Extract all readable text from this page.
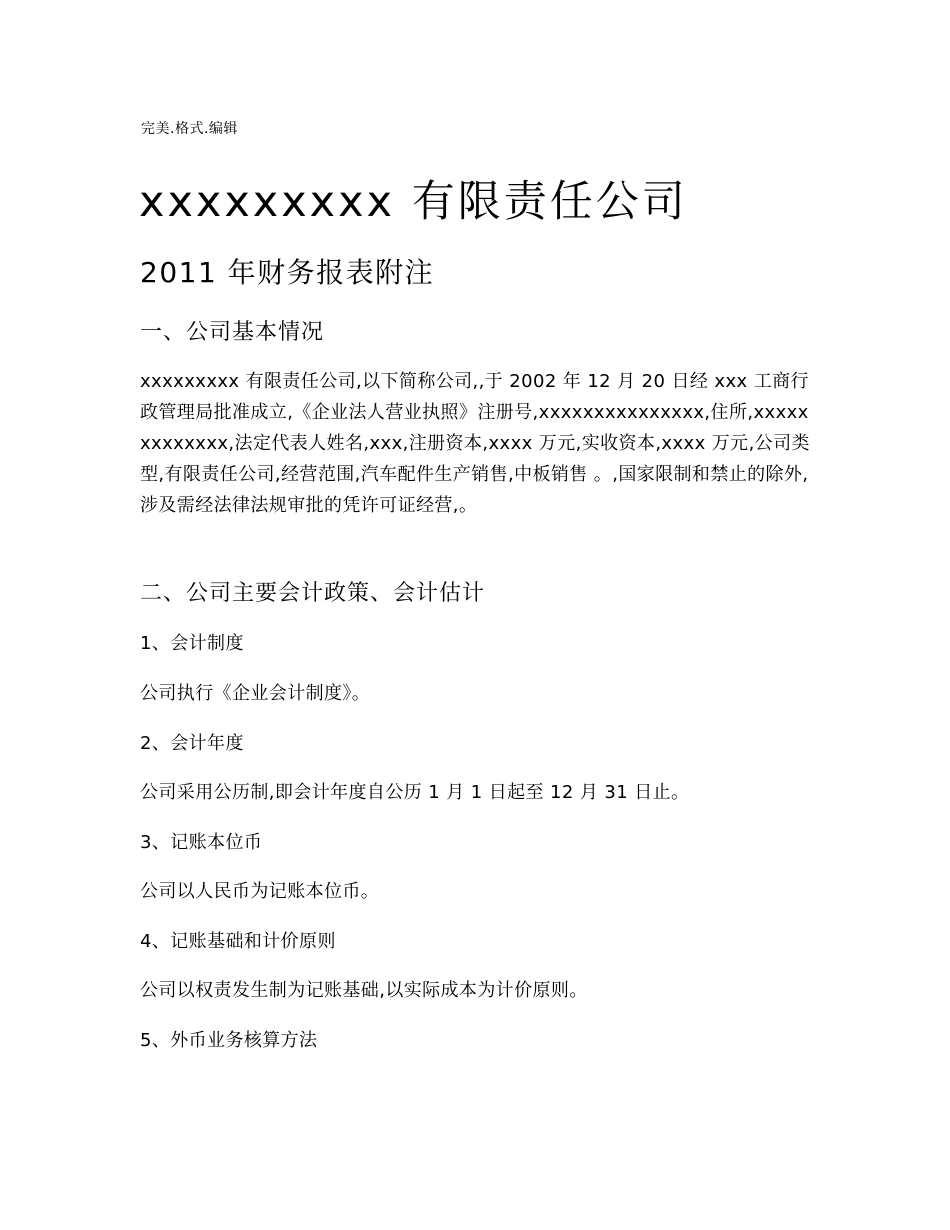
完美.格式.编辑
xxxxxxxxx 有限责任公司
2011 年财务报表附注
一、公司基本情况
xxxxxxxxx 有限责任公司,以下简称公司,,于 2002 年 12 月 20 日经 xxx 工商行政管理局批准成立,《企业法人营业执照》注册号,xxxxxxxxxxxxxxx,住所,xxxxxxxxxxxxx,法定代表人姓名,xxx,注册资本,xxxx 万元,实收资本,xxxx 万元,公司类型,有限责任公司,经营范围,汽车配件生产销售,中板销售 。,国家限制和禁止的除外,涉及需经法律法规审批的凭许可证经营,。
二、公司主要会计政策、会计估计
1、会计制度
公司执行《企业会计制度》。
2、会计年度
公司采用公历制,即会计年度自公历 1 月 1 日起至 12 月 31 日止。
3、记账本位币
公司以人民币为记账本位币。
4、记账基础和计价原则
公司以权责发生制为记账基础,以实际成本为计价原则。
5、外币业务核算方法
